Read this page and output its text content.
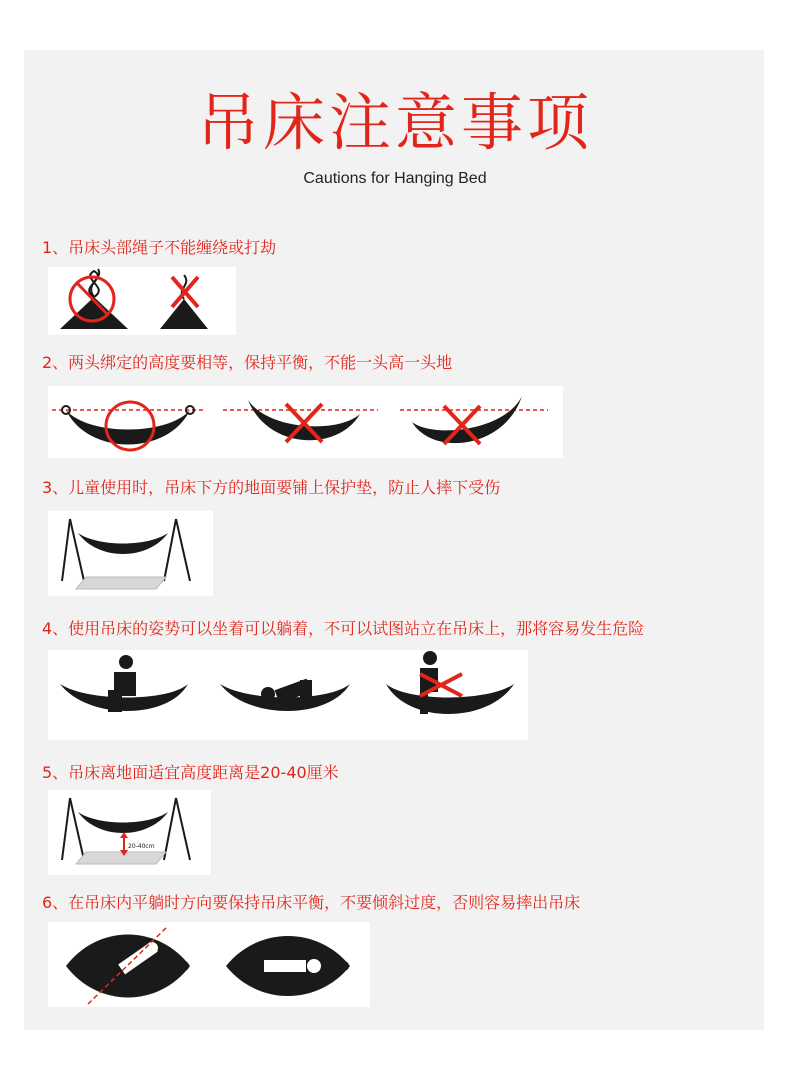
吊床注意事项
Cautions for Hanging Bed
1、吊床头部绳子不能缠绕或打劫
2、两头绑定的高度要相等，保持平衡，不能一头高一头地
3、儿童使用时，吊床下方的地面要铺上保护垫，防止人摔下受伤
4、使用吊床的姿势可以坐着可以躺着，不可以试图站立在吊床上，那将容易发生危险
5、吊床离地面适宜高度距离是20-40厘米
20-40cm
6、在吊床内平躺时方向要保持吊床平衡，不要倾斜过度，否则容易摔出吊床
